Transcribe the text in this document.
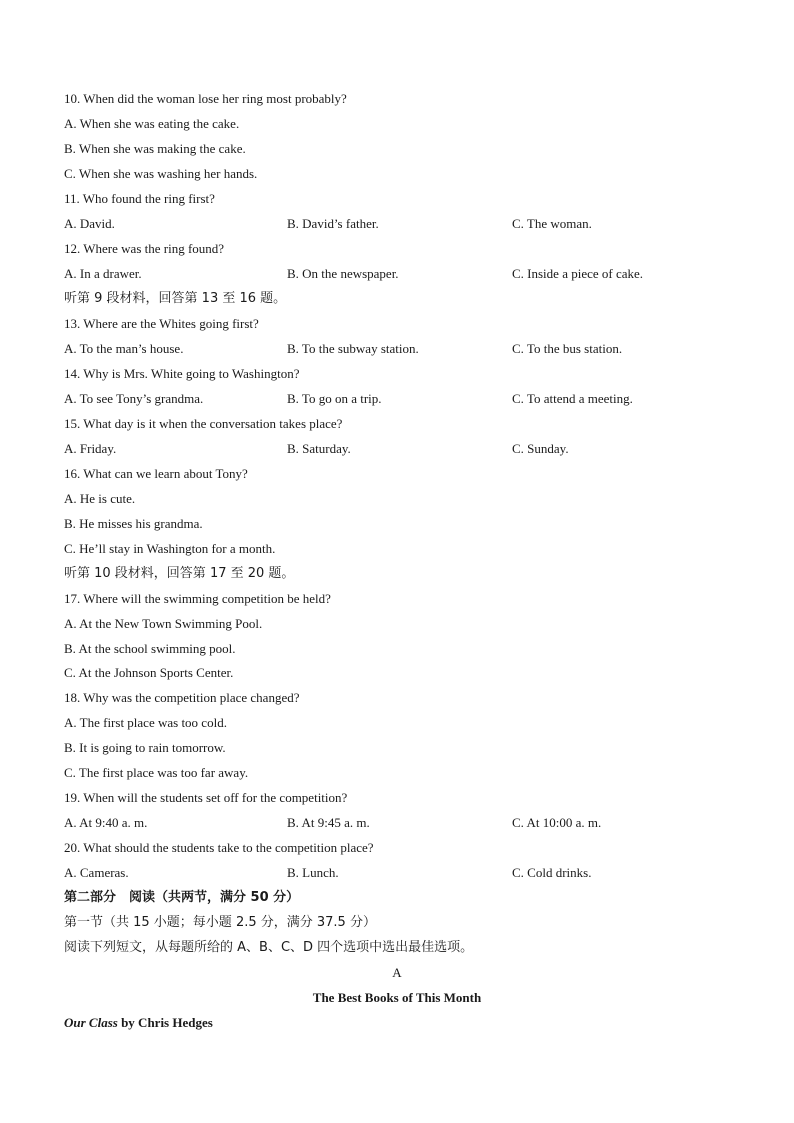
10. When did the woman lose her ring most probably?
A. When she was eating the cake.
B. When she was making the cake.
C. When she was washing her hands.
11. Who found the ring first?
A. David.	B. David’s father.	C. The woman.
12. Where was the ring found?
A. In a drawer.	B. On the newspaper.	C. Inside a piece of cake.
听第 9 段材料，回答第 13 至 16 题。
13. Where are the Whites going first?
A. To the man’s house.	B. To the subway station.	C. To the bus station.
14. Why is Mrs. White going to Washington?
A. To see Tony’s grandma.	B. To go on a trip.	C. To attend a meeting.
15. What day is it when the conversation takes place?
A. Friday.	B. Saturday.	C. Sunday.
16. What can we learn about Tony?
A. He is cute.
B. He misses his grandma.
C. He’ll stay in Washington for a month.
听第 10 段材料，回答第 17 至 20 题。
17. Where will the swimming competition be held?
A. At the New Town Swimming Pool.
B. At the school swimming pool.
C. At the Johnson Sports Center.
18. Why was the competition place changed?
A. The first place was too cold.
B. It is going to rain tomorrow.
C. The first place was too far away.
19. When will the students set off for the competition?
A. At 9:40 a. m.	B. At 9:45 a. m.	C. At 10:00 a. m.
20. What should the students take to the competition place?
A. Cameras.	B. Lunch.	C. Cold drinks.
第二部分　阅读（共两节，满分 50 分）
第一节（共 15 小题；每小题 2.5 分，满分 37.5 分）
阅读下列短文，从每题所给的 A、B、C、D 四个选项中选出最佳选项。
A
The Best Books of This Month
Our Class by Chris Hedges
